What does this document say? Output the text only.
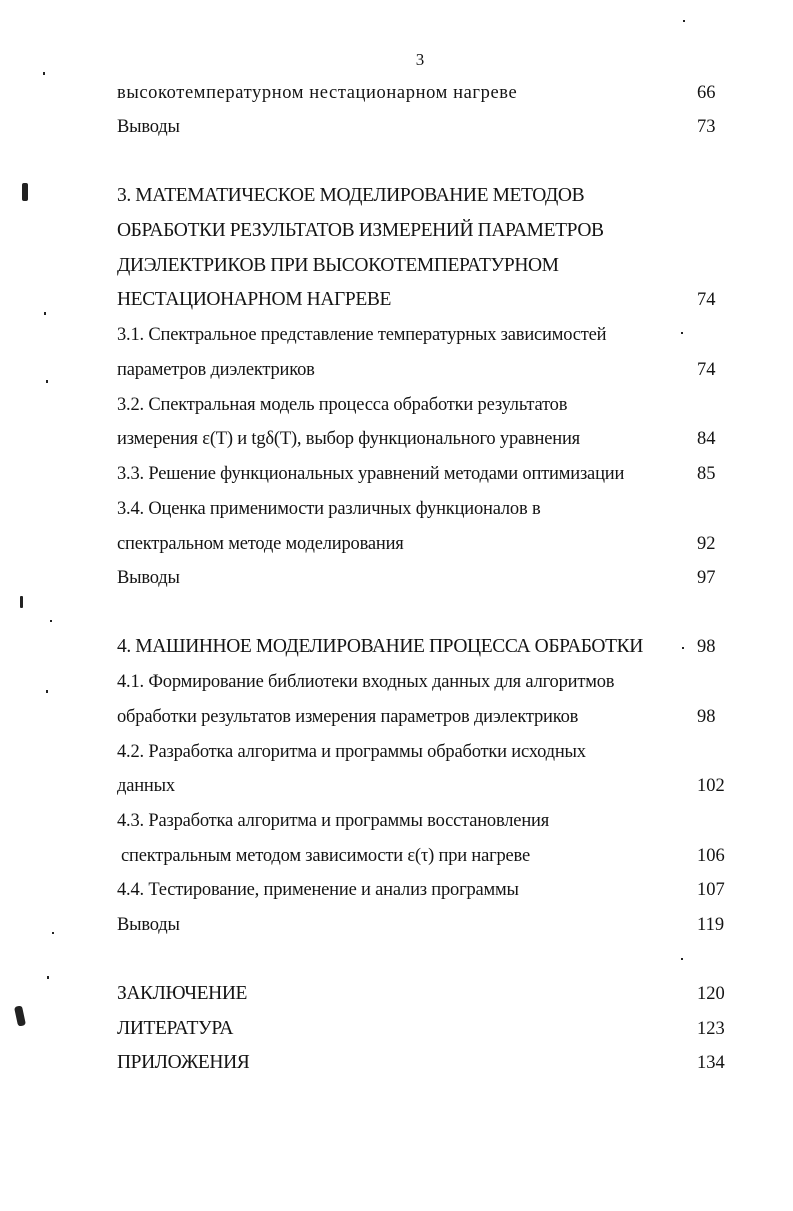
3
высокотемпературном нестационарном нагреве	66
Выводы	73
3. МАТЕМАТИЧЕСКОЕ МОДЕЛИРОВАНИЕ МЕТОДОВ
ОБРАБОТКИ РЕЗУЛЬТАТОВ ИЗМЕРЕНИЙ ПАРАМЕТРОВ
ДИЭЛЕКТРИКОВ ПРИ ВЫСОКОТЕМПЕРАТУРНОМ
НЕСТАЦИОНАРНОМ НАГРЕВЕ	74
3.1. Спектральное представление температурных зависимостей
параметров диэлектриков	74
3.2. Спектральная модель процесса обработки результатов
измерения ε(T) и tgδ(T), выбор функционального уравнения	84
3.3. Решение функциональных уравнений методами оптимизации	85
3.4. Оценка применимости различных функционалов в
спектральном методе моделирования	92
Выводы	97
4. МАШИННОЕ МОДЕЛИРОВАНИЕ ПРОЦЕССА ОБРАБОТКИ	98
4.1. Формирование библиотеки входных данных для алгоритмов
обработки результатов измерения параметров диэлектриков	98
4.2. Разработка алгоритма и программы обработки исходных
данных	102
4.3. Разработка алгоритма и программы восстановления
спектральным методом зависимости ε(τ) при нагреве	106
4.4. Тестирование, применение и анализ программы	107
Выводы	119
ЗАКЛЮЧЕНИЕ	120
ЛИТЕРАТУРА	123
ПРИЛОЖЕНИЯ	134
